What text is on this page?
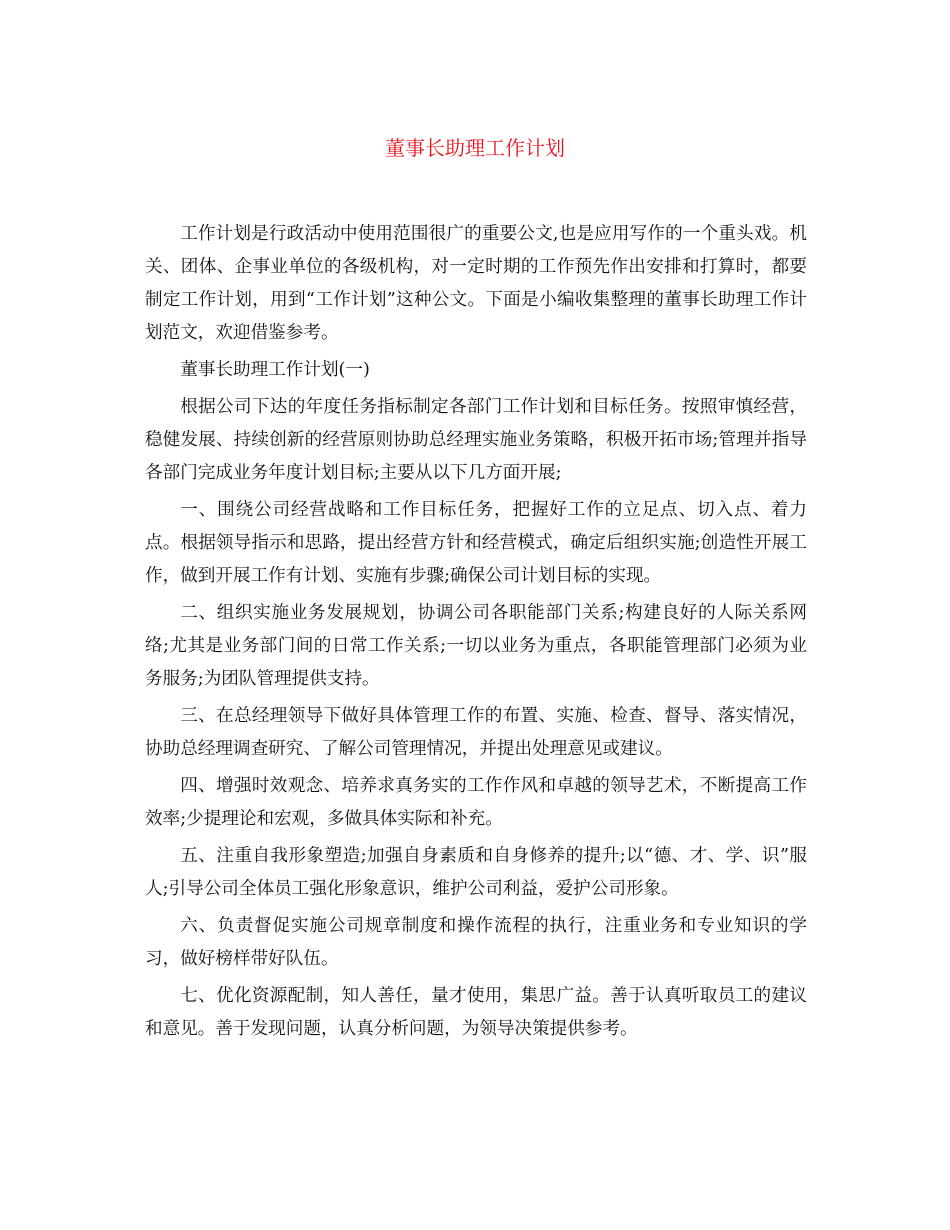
董事长助理工作计划

工作计划是行政活动中使用范围很广的重要公文,也是应用写作的一个重头戏。机关、团体、企事业单位的各级机构，对一定时期的工作预先作出安排和打算时，都要制定工作计划，用到“工作计划”这种公文。下面是小编收集整理的董事长助理工作计划范文，欢迎借鉴参考。

董事长助理工作计划(一)

根据公司下达的年度任务指标制定各部门工作计划和目标任务。按照审慎经营，稳健发展、持续创新的经营原则协助总经理实施业务策略，积极开拓市场;管理并指导各部门完成业务年度计划目标;主要从以下几方面开展;

一、围绕公司经营战略和工作目标任务，把握好工作的立足点、切入点、着力点。根据领导指示和思路，提出经营方针和经营模式，确定后组织实施;创造性开展工作，做到开展工作有计划、实施有步骤;确保公司计划目标的实现。

二、组织实施业务发展规划，协调公司各职能部门关系;构建良好的人际关系网络;尤其是业务部门间的日常工作关系;一切以业务为重点，各职能管理部门必须为业务服务;为团队管理提供支持。

三、在总经理领导下做好具体管理工作的布置、实施、检查、督导、落实情况，协助总经理调查研究、了解公司管理情况，并提出处理意见或建议。

四、增强时效观念、培养求真务实的工作作风和卓越的领导艺术，不断提高工作效率;少提理论和宏观，多做具体实际和补充。

五、注重自我形象塑造;加强自身素质和自身修养的提升;以“德、才、学、识”服人;引导公司全体员工强化形象意识，维护公司利益，爱护公司形象。

六、负责督促实施公司规章制度和操作流程的执行，注重业务和专业知识的学习，做好榜样带好队伍。

七、优化资源配制，知人善任，量才使用，集思广益。善于认真听取员工的建议和意见。善于发现问题，认真分析问题，为领导决策提供参考。
